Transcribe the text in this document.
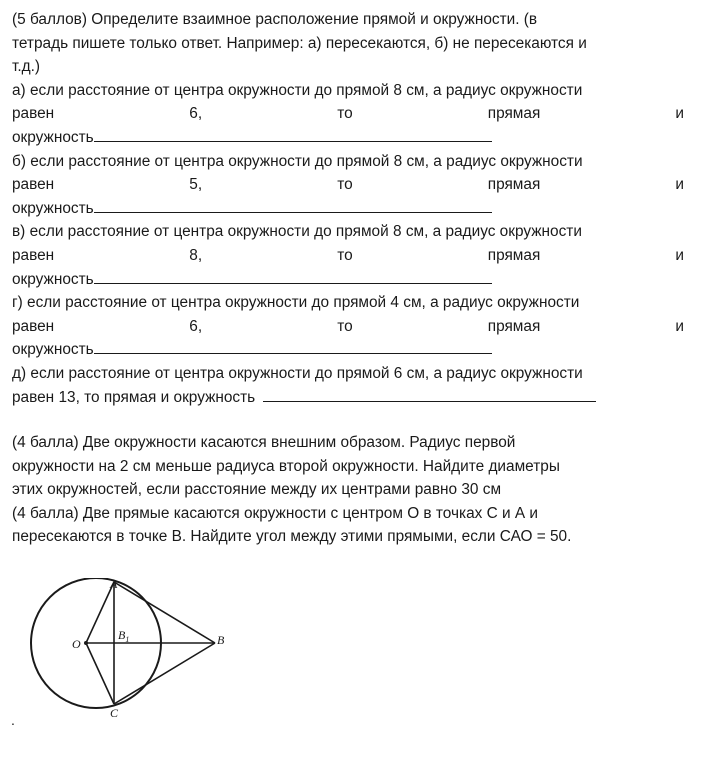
(5 баллов) Определите взаимное расположение прямой и окружности. (в
тетрадь пишете только ответ. Например: а) пересекаются, б) не пересекаются и
т.д.)
а) если расстояние от центра окружности до прямой 8 см, а радиус окружности
равен	6,	то	прямая	и
окружность
б) если расстояние от центра окружности до прямой 8 см, а радиус окружности
равен	5,	то	прямая	и
окружность
в) если расстояние от центра окружности до прямой 8 см, а радиус окружности
равен	8,	то	прямая	и
окружность
г) если расстояние от центра окружности до прямой 4 см, а радиус окружности
равен	6,	то	прямая	и
окружность
д) если расстояние от центра окружности до прямой 6 см, а радиус окружности
равен 13, то прямая и окружность
(4 балла) Две окружности касаются внешним образом. Радиус первой
окружности на 2 см меньше радиуса второй окружности. Найдите диаметры
этих окружностей, если расстояние между их центрами равно 30 см
(4 балла) Две прямые касаются окружности с центром О в точках С и А и
пересекаются в точке В. Найдите угол между этими прямыми, если САО = 50.
A
O
$B_1$	B
C
.
